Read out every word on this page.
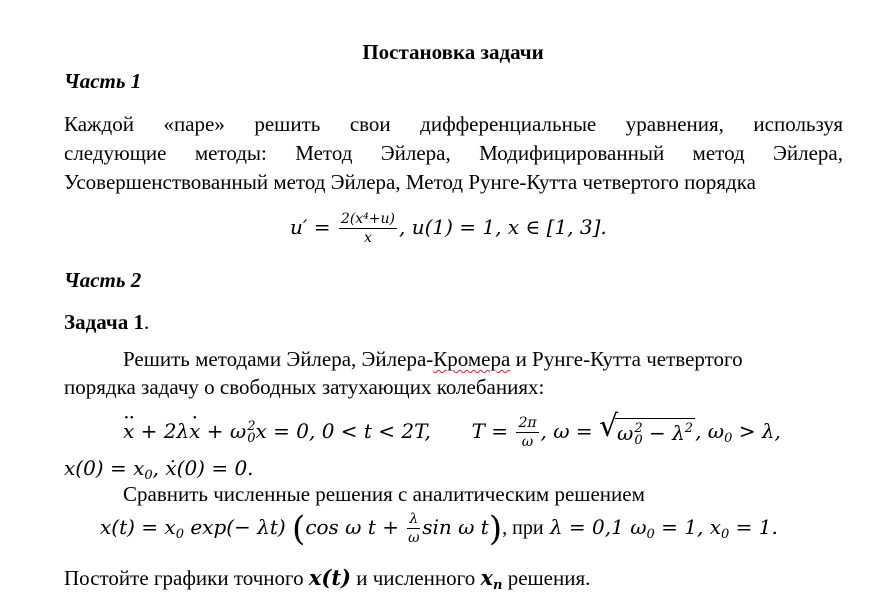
Постановка задачи
Часть 1
Каждой «паре» решить свои дифференциальные уравнения, используя
следующие методы: Метод Эйлера, Модифицированный метод Эйлера,
Усовершенствованный метод Эйлера, Метод Рунге-Кутта четвертого порядка
$u' = \frac{\text{2(x⁴+u)}}{x}$ , u(1) = 1, x ∈ [1, 3].
Часть 2
Задача 1.
Решить методами Эйлера, Эйлера-Кромера и Рунге-Кутта четвертого
порядка задачу о свободных затухающих колебаниях:
x ·· + 2λx · + ω 2
0 x = 0, 0 < t < 2T, $T = \frac{2\pi}{\omega}$ , ω = √
ω 2
$0 - \lambda^2$ , $\omega_0 > \lambda$,
$x(0) = x_0$, ẋ(0) = 0.
Сравнить численные решения с аналитическим решением
$x(t) = x_0$ exp(− λt) (cos ω $t + \frac{\lambda}{\omega}$ sin ω t), при λ = 0,1 $\omega_0 = 1$, $x_0 = 1$.
Постойте графики точного x(t) и численного $x_n$ решения.
